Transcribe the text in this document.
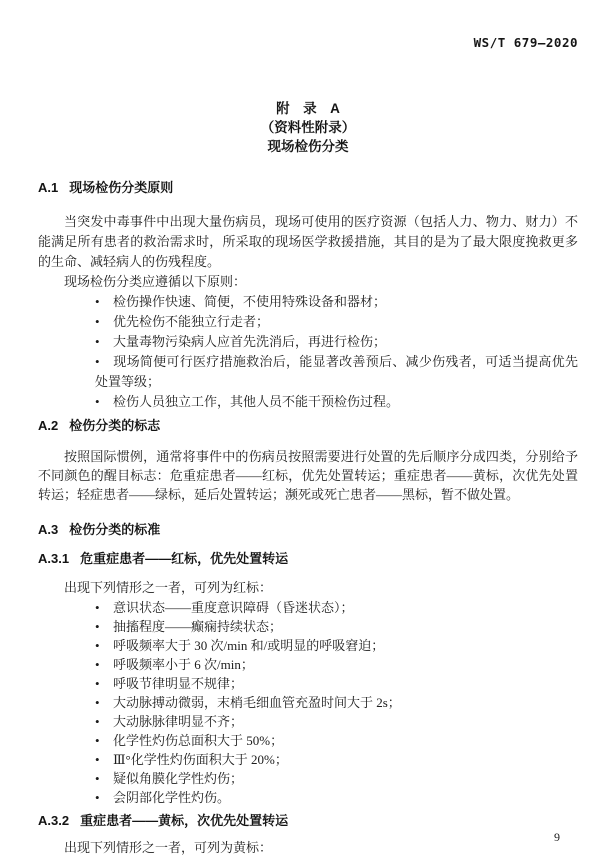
WS/T 679—2020
附　录　A
（资料性附录）
现场检伤分类
A.1 现场检伤分类原则

当突发中毒事件中出现大量伤病员，现场可使用的医疗资源（包括人力、物力、财力）不能满足所有患者的救治需求时，所采取的现场医学救援措施，其目的是为了最大限度挽救更多的生命、减轻病人的伤残程度。

现场检伤分类应遵循以下原则：

• 检伤操作快速、简便，不使用特殊设备和器材；
• 优先检伤不能独立行走者；
• 大量毒物污染病人应首先洗消后，再进行检伤；
• 现场简便可行医疗措施救治后，能显著改善预后、减少伤残者，可适当提高优先处置等级；
• 检伤人员独立工作，其他人员不能干预检伤过程。
A.2 检伤分类的标志

按照国际惯例，通常将事件中的伤病员按照需要进行处置的先后顺序分成四类，分别给予不同颜色的醒目标志：危重症患者——红标，优先处置转运；重症患者——黄标，次优先处置转运；轻症患者——绿标，延后处置转运；濒死或死亡患者——黑标，暂不做处置。

A.3 检伤分类的标准
A.3.1 危重症患者——红标，优先处置转运

出现下列情形之一者，可列为红标：

• 意识状态——重度意识障碍（昏迷状态）；
• 抽搐程度——癫痫持续状态；
• 呼吸频率大于 30 次/min 和/或明显的呼吸窘迫；
• 呼吸频率小于 6 次/min；
• 呼吸节律明显不规律；
• 大动脉搏动微弱，末梢毛细血管充盈时间大于 2s；
• 大动脉脉律明显不齐；
• 化学性灼伤总面积大于 50%；
• Ⅲ°化学性灼伤面积大于 20%；
• 疑似角膜化学性灼伤；
• 会阴部化学性灼伤。
A.3.2 重症患者——黄标，次优先处置转运

出现下列情形之一者，可列为黄标：

9
